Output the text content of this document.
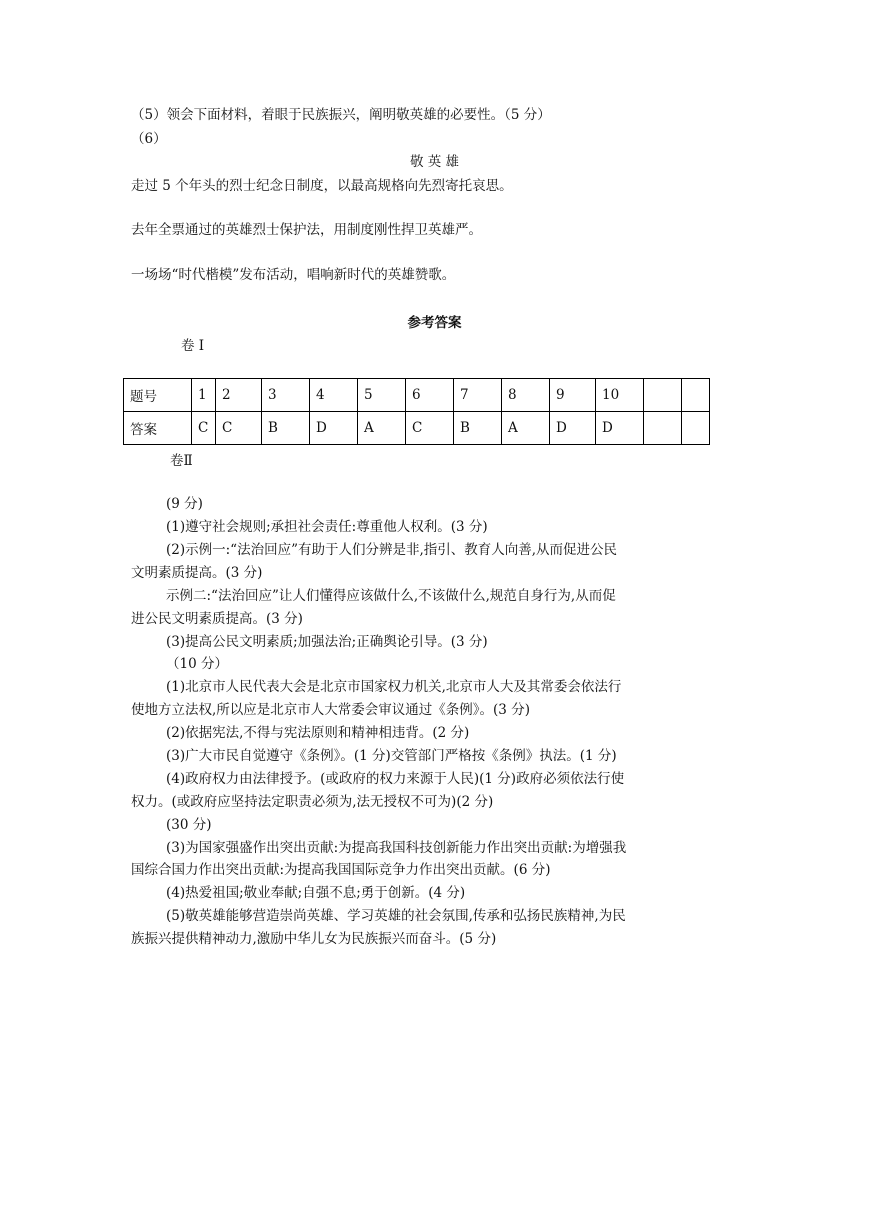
（5）领会下面材料，着眼于民族振兴，阐明敬英雄的必要性。（5 分）
（6）
敬 英 雄
走过 5 个年头的烈士纪念日制度，以最高规格向先烈寄托哀思。
去年全票通过的英雄烈士保护法，用制度刚性捍卫英雄严。
一场场“时代楷模”发布活动，唱响新时代的英雄赞歌。
参考答案
卷 I
题号	1	2	3	4	5	6	7	8	9	10		
答案	C	C	B	D	A	C	B	A	D	D		
卷Ⅱ
(9 分)
(1)遵守社会规则;承担社会责任:尊重他人权利。(3 分)
(2)示例一:“法治回应”有助于人们分辨是非,指引、教育人向善,从而促进公民
文明素质提高。(3 分)
示例二:“法治回应”让人们懂得应该做什么,不该做什么,规范自身行为,从而促
进公民文明素质提高。(3 分)
(3)提高公民文明素质;加强法治;正确舆论引导。(3 分)
（10 分）
(1)北京市人民代表大会是北京市国家权力机关,北京市人大及其常委会依法行
使地方立法权,所以应是北京市人大常委会审议通过《条例》。(3 分)
(2)依据宪法,不得与宪法原则和精神相违背。(2 分)
(3)广大市民自觉遵守《条例》。(1 分)交管部门严格按《条例》执法。(1 分)
(4)政府权力由法律授予。(或政府的权力来源于人民)(1 分)政府必须依法行使
权力。(或政府应坚持法定职责必须为,法无授权不可为)(2 分)
(30 分)
(3)为国家强盛作出突出贡献:为提高我国科技创新能力作出突出贡献:为增强我
国综合国力作出突出贡献:为提高我国国际竞争力作出突出贡献。(6 分)
(4)热爱祖国;敬业奉献;自强不息;勇于创新。(4 分)
(5)敬英雄能够营造崇尚英雄、学习英雄的社会氛围,传承和弘扬民族精神,为民
族振兴提供精神动力,激励中华儿女为民族振兴而奋斗。(5 分)
